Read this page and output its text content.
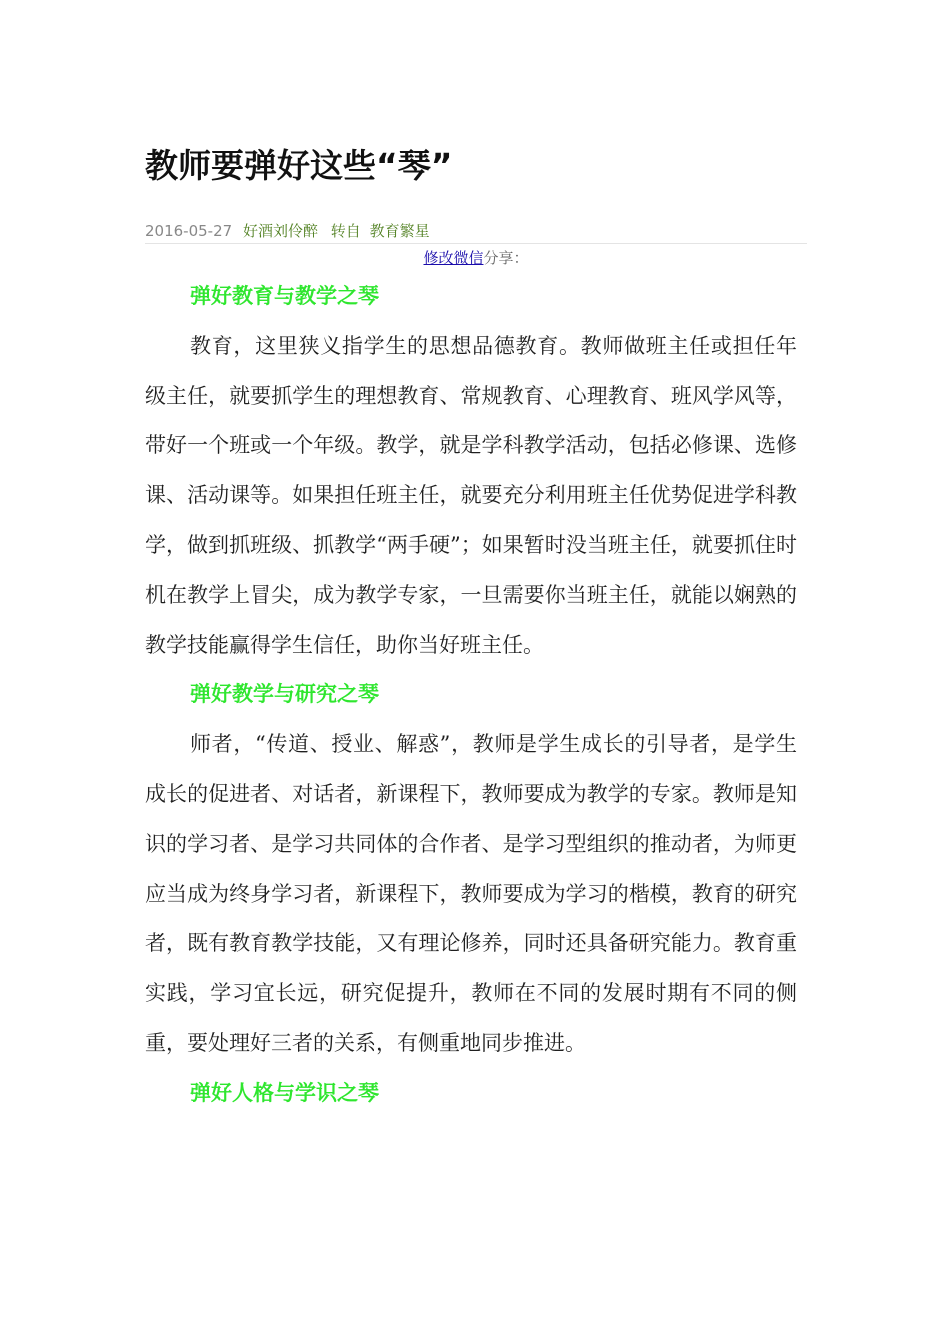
教师要弹好这些“琴”
2016-05-27 好酒刘伶醉 转自 教育繁星
修改微信分享：
弹好教育与教学之琴

教育，这里狭义指学生的思想品德教育。教师做班主任或担任年级主任，就要抓学生的理想教育、常规教育、心理教育、班风学风等，带好一个班或一个年级。教学，就是学科教学活动，包括必修课、选修课、活动课等。如果担任班主任，就要充分利用班主任优势促进学科教学，做到抓班级、抓教学“两手硬”；如果暂时没当班主任，就要抓住时机在教学上冒尖，成为教学专家，一旦需要你当班主任，就能以娴熟的教学技能赢得学生信任，助你当好班主任。

弹好教学与研究之琴

师者，“传道、授业、解惑”，教师是学生成长的引导者，是学生成长的促进者、对话者，新课程下，教师要成为教学的专家。教师是知识的学习者、是学习共同体的合作者、是学习型组织的推动者，为师更应当成为终身学习者，新课程下，教师要成为学习的楷模，教育的研究者，既有教育教学技能，又有理论修养，同时还具备研究能力。教育重实践，学习宜长远，研究促提升，教师在不同的发展时期有不同的侧重，要处理好三者的关系，有侧重地同步推进。

弹好人格与学识之琴
